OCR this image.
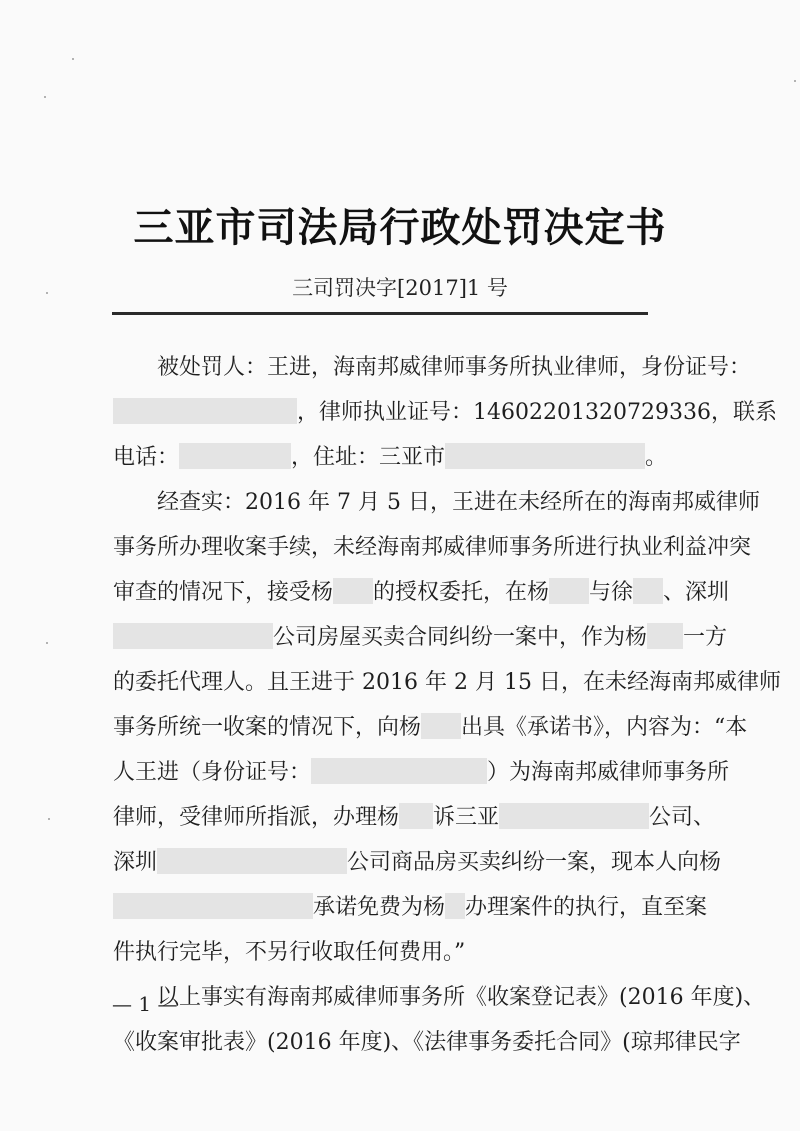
三亚市司法局行政处罚决定书
三司罚决字[2017]1 号
被处罚人：王进，海南邦威律师事务所执业律师，身份证号：
，律师执业证号：14602201320729336，联系
电话：	，住址：三亚市	。
经查实：2016 年 7 月 5 日，王进在未经所在的海南邦威律师
事务所办理收案手续，未经海南邦威律师事务所进行执业利益冲突
审查的情况下，接受杨 的授权委托，在杨 与徐 、深圳
公司房屋买卖合同纠纷一案中，作为杨 一方
的委托代理人。且王进于 2016 年 2 月 15 日，在未经海南邦威律师
事务所统一收案的情况下，向杨 出具《承诺书》，内容为：“本
人王进（身份证号：	）为海南邦威律师事务所
律师，受律师所指派，办理杨 诉三亚	公司、
深圳	公司商品房买卖纠纷一案，现本人向杨
承诺免费为杨 办理案件的执行，直至案
件执行完毕，不另行收取任何费用。”
以上事实有海南邦威律师事务所《收案登记表》(2016 年度)、
《收案审批表》(2016 年度)、《法律事务委托合同》(琼邦律民字
— 1 —
